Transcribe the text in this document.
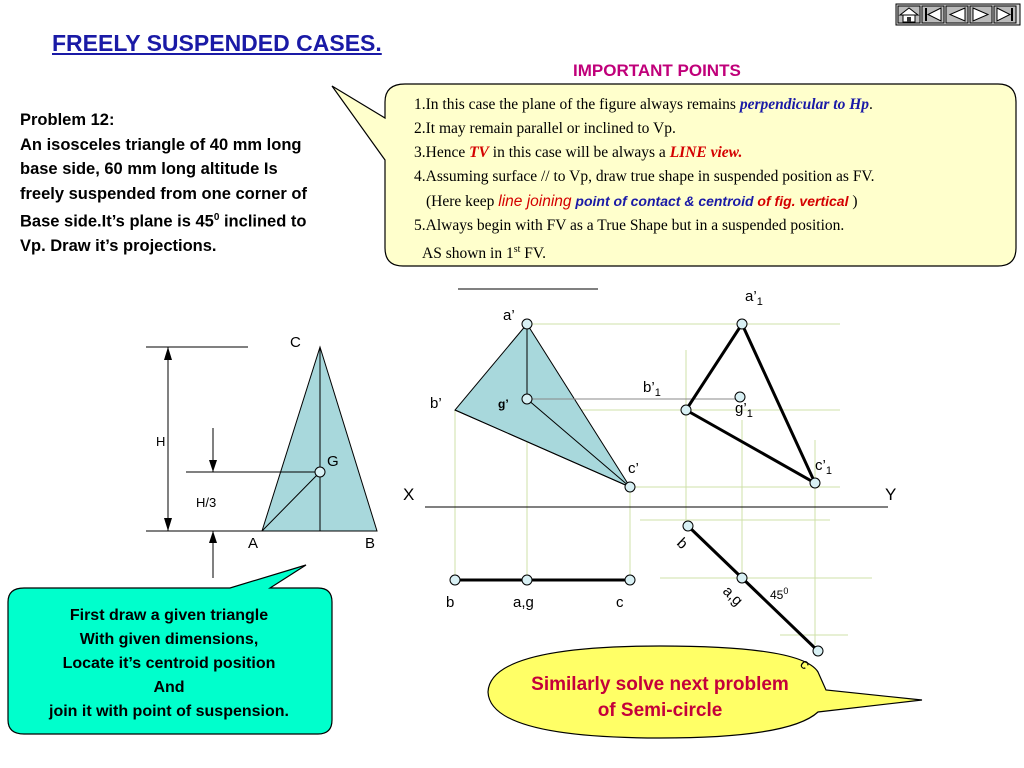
C
G
A	B
H
H/3
a’
b’	g’
c’
$a’_1$
$b’_1$
$g’_1$
$c’_1$
X	Y
b	a,g	c
b
a,g
c
$45^0$
FREELY SUSPENDED CASES.
IMPORTANT POINTS
Problem 12:
An isosceles triangle of 40 mm long
base side, 60 mm long altitude Is
freely suspended from one corner of
Base side.It’s plane is $45^0$ inclined to
Vp. Draw it’s projections.
1.In this case the plane of the figure always remains perpendicular to Hp.
2.It may remain parallel or inclined to Vp.
3.Hence TV in this case will be always a LINE view.
4.Assuming surface // to Vp, draw true shape in suspended position as FV.
(Here keep line joining point of contact & centroid of fig. vertical )
5.Always begin with FV as a True Shape but in a suspended position.
AS shown in 1st FV.
First draw a given triangle
With given dimensions,
Locate it’s centroid position
And
join it with point of suspension.
Similarly solve next problem
of Semi-circle
